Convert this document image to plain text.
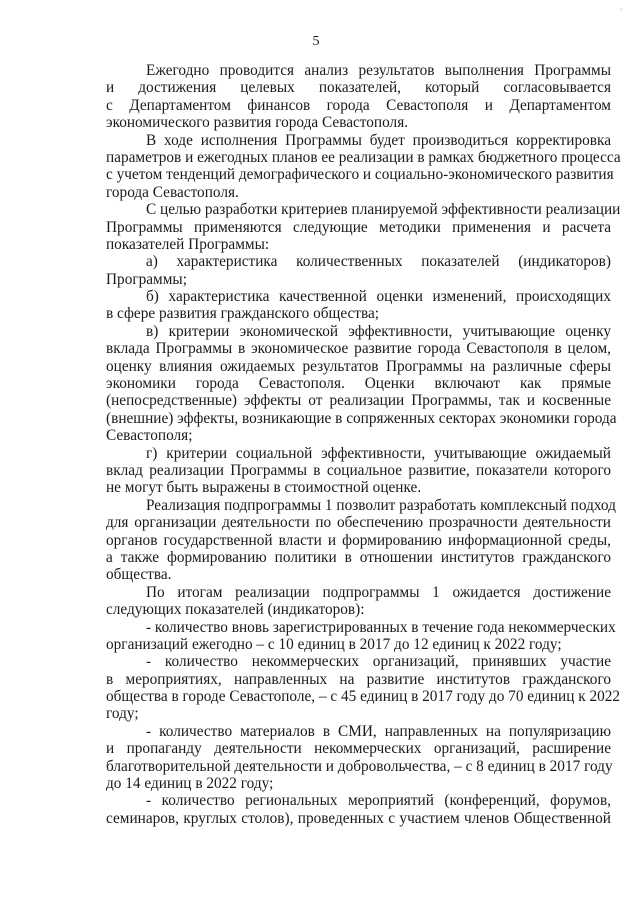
'
5
Ежегодно проводится анализ результатов выполнения Программы
и достижения целевых показателей, который согласовывается
с Департаментом финансов города Севастополя и Департаментом
экономического развития города Севастополя.
В ходе исполнения Программы будет производиться корректировка
параметров и ежегодных планов ее реализации в рамках бюджетного процесса
с учетом тенденций демографического и социально-экономического развития
города Севастополя.
С целью разработки критериев планируемой эффективности реализации
Программы применяются следующие методики применения и расчета
показателей Программы:
а) характеристика количественных показателей (индикаторов)
Программы;
б) характеристика качественной оценки изменений, происходящих
в сфере развития гражданского общества;
в) критерии экономической эффективности, учитывающие оценку
вклада Программы в экономическое развитие города Севастополя в целом,
оценку влияния ожидаемых результатов Программы на различные сферы
экономики города Севастополя. Оценки включают как прямые
(непосредственные) эффекты от реализации Программы, так и косвенные
(внешние) эффекты, возникающие в сопряженных секторах экономики города
Севастополя;
г) критерии социальной эффективности, учитывающие ожидаемый
вклад реализации Программы в социальное развитие, показатели которого
не могут быть выражены в стоимостной оценке.
Реализация подпрограммы 1 позволит разработать комплексный подход
для организации деятельности по обеспечению прозрачности деятельности
органов государственной власти и формированию информационной среды,
а также формированию политики в отношении институтов гражданского
общества.
По итогам реализации подпрограммы 1 ожидается достижение
следующих показателей (индикаторов):
- количество вновь зарегистрированных в течение года некоммерческих
организаций ежегодно – с 10 единиц в 2017 до 12 единиц к 2022 году;
- количество некоммерческих организаций, принявших участие
в мероприятиях, направленных на развитие институтов гражданского
общества в городе Севастополе, – с 45 единиц в 2017 году до 70 единиц к 2022
году;
- количество материалов в СМИ, направленных на популяризацию
и пропаганду деятельности некоммерческих организаций, расширение
благотворительной деятельности и добровольчества, – с 8 единиц в 2017 году
до 14 единиц в 2022 году;
- количество региональных мероприятий (конференций, форумов,
семинаров, круглых столов), проведенных с участием членов Общественной
